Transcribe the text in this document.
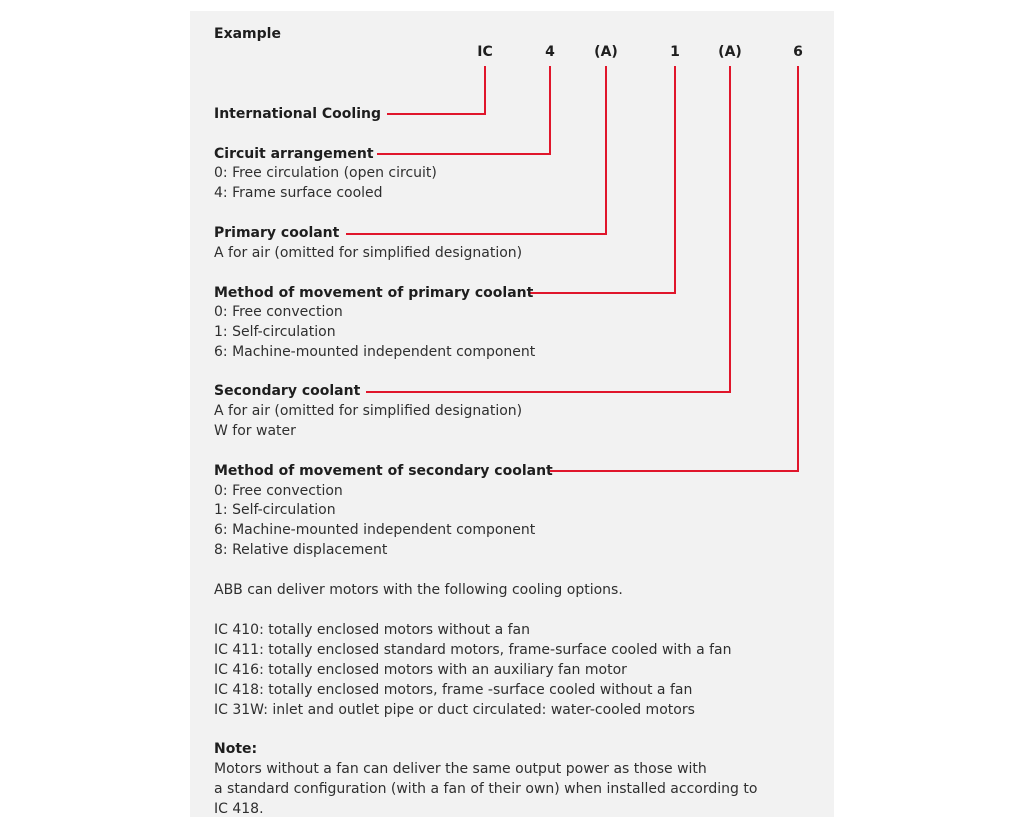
Example
IC	4	(A)	1	(A)	6
International Cooling
Circuit arrangement
0: Free circulation (open circuit)
4: Frame surface cooled
Primary coolant
A for air (omitted for simplified designation)
Method of movement of primary coolant
0: Free convection
1: Self-circulation
6: Machine-mounted independent component
Secondary coolant
A for air (omitted for simplified designation)
W for water
Method of movement of secondary coolant
0: Free convection
1: Self-circulation
6: Machine-mounted independent component
8: Relative displacement
ABB can deliver motors with the following cooling options.
IC 410: totally enclosed motors without a fan
IC 411: totally enclosed standard motors, frame-surface cooled with a fan
IC 416: totally enclosed motors with an auxiliary fan motor
IC 418: totally enclosed motors, frame -surface cooled without a fan
IC 31W: inlet and outlet pipe or duct circulated: water-cooled motors
Note:
Motors without a fan can deliver the same output power as those with
a standard configuration (with a fan of their own) when installed according to
IC 418.
